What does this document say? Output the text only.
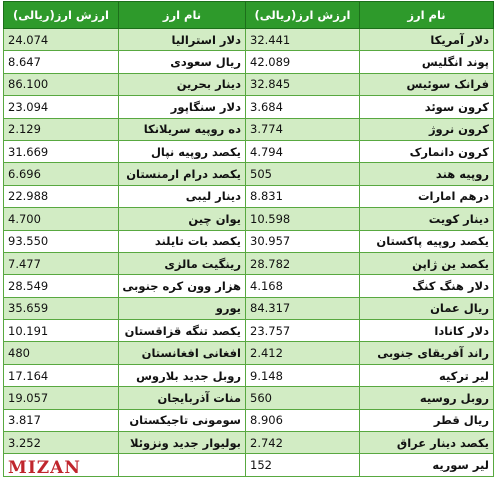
ارزش ارز(ریالی)	نام ارز	ارزش ارز(ریالی)	نام ارز
24.074	دلار استرالیا	32.441	دلار آمریکا
8.647	ریال سعودی	42.089	پوند انگلیس
86.100	دینار بحرین	32.845	فرانک سوئیس
23.094	دلار سنگاپور	3.684	کرون سوئد
2.129	ده روپیه سریلانکا	3.774	کرون نروژ
31.669	یکصد روپیه نپال	4.794	کرون دانمارک
6.696	یکصد درام ارمنستان	505	روپیه هند
22.988	دینار لیبی	8.831	درهم امارات
4.700	یوان چین	10.598	دینار کویت
93.550	یکصد بات تایلند	30.957	یکصد روپیه پاکستان
7.477	رینگیت مالزی	28.782	یکصد ین ژاپن
28.549	هزار وون کره جنوبی	4.168	دلار هنگ کنگ
35.659	یورو	84.317	ریال عمان
10.191	یکصد تنگه قزاقستان	23.757	دلار کانادا
480	افغانی افغانستان	2.412	راند آفریقای جنوبی
17.164	روبل جدید بلاروس	9.148	لیر ترکیه
19.057	منات آذربایجان	560	روبل روسیه
3.817	سومونی تاجیکستان	8.906	ریال قطر
3.252	بولیوار جدید ونزوئلا	2.742	یکصد دینار عراق
		152	لیر سوریه
MIZAN
